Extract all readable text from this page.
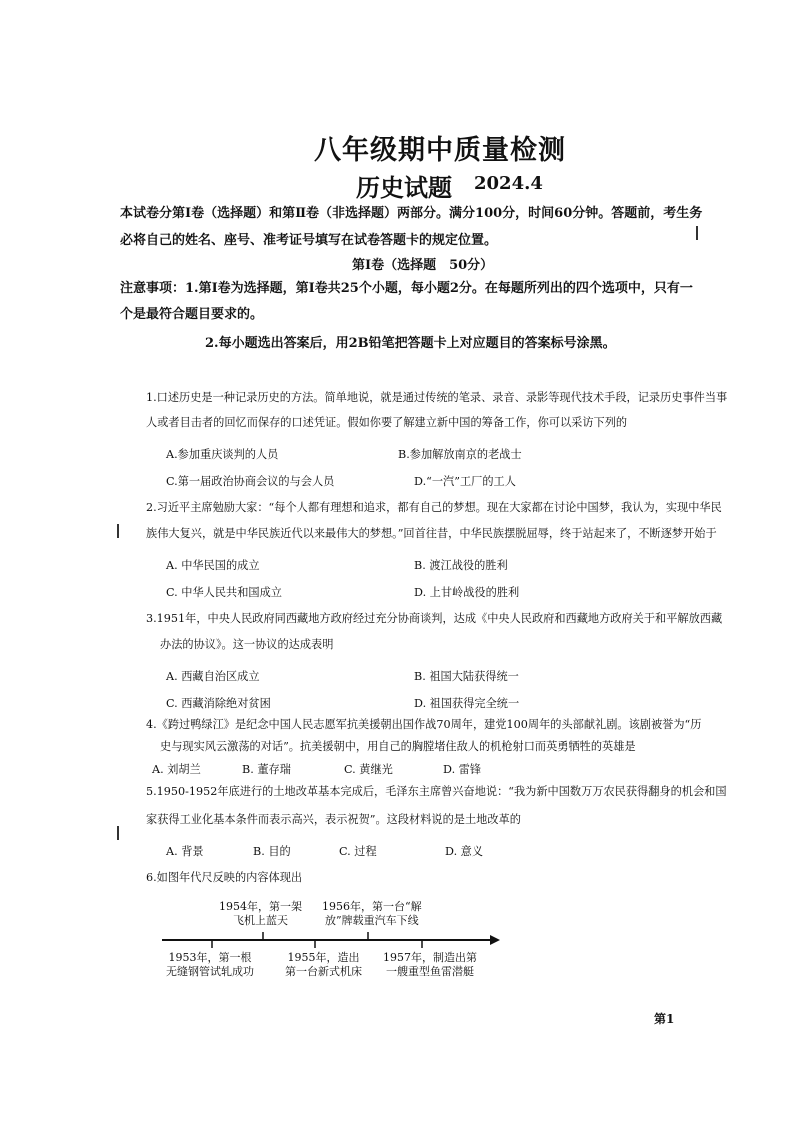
八年级期中质量检测
历史试题 2024.4
本试卷分第Ⅰ卷（选择题）和第Ⅱ卷（非选择题）两部分。满分100分，时间60分钟。答题前，考生务
必将自己的姓名、座号、准考证号填写在试卷答题卡的规定位置。
第Ⅰ卷（选择题　50分）
注意事项：1.第Ⅰ卷为选择题，第Ⅰ卷共25个小题，每小题2分。在每题所列出的四个选项中，只有一
个是最符合题目要求的。
2.每小题选出答案后，用2B铅笔把答题卡上对应题目的答案标号涂黑。
1.口述历史是一种记录历史的方法。简单地说，就是通过传统的笔录、录音、录影等现代技术手段，记录历史事件当事
人或者目击者的回忆而保存的口述凭证。假如你要了解建立新中国的筹备工作，你可以采访下列的
A.参加重庆谈判的人员	B.参加解放南京的老战士
C.第一届政治协商会议的与会人员	D.“一汽”工厂的工人
2.习近平主席勉励大家：“每个人都有理想和追求，都有自己的梦想。现在大家都在讨论中国梦，我认为，实现中华民
族伟大复兴，就是中华民族近代以来最伟大的梦想。”回首往昔，中华民族摆脱屈辱，终于站起来了，不断逐梦开始于
A. 中华民国的成立	B. 渡江战役的胜利
C. 中华人民共和国成立	D. 上甘岭战役的胜利
3.1951年，中央人民政府同西藏地方政府经过充分协商谈判，达成《中央人民政府和西藏地方政府关于和平解放西藏
办法的协议》。这一协议的达成表明
A. 西藏自治区成立	B. 祖国大陆获得统一
C. 西藏消除绝对贫困	D. 祖国获得完全统一
4.《跨过鸭绿江》是纪念中国人民志愿军抗美援朝出国作战70周年，建党100周年的头部献礼剧。该剧被誉为“历
史与现实风云激荡的对话”。抗美援朝中，用自己的胸膛堵住敌人的机枪射口而英勇牺牲的英雄是
A. 刘胡兰	B. 董存瑞	C. 黄继光	D. 雷锋
5.1950-1952年底进行的土地改革基本完成后，毛泽东主席曾兴奋地说：“我为新中国数万万农民获得翻身的机会和国
家获得工业化基本条件而表示高兴，表示祝贺”。这段材料说的是土地改革的
A. 背景	B. 目的	C. 过程	D. 意义
6.如图年代尺反映的内容体现出
1954年，第一架
飞机上蓝天
1956年，第一台“解
放”牌载重汽车下线
1953年，第一根
无缝钢管试轧成功
1955年，造出
第一台新式机床
1957年，制造出第
一艘重型鱼雷潜艇
第1
